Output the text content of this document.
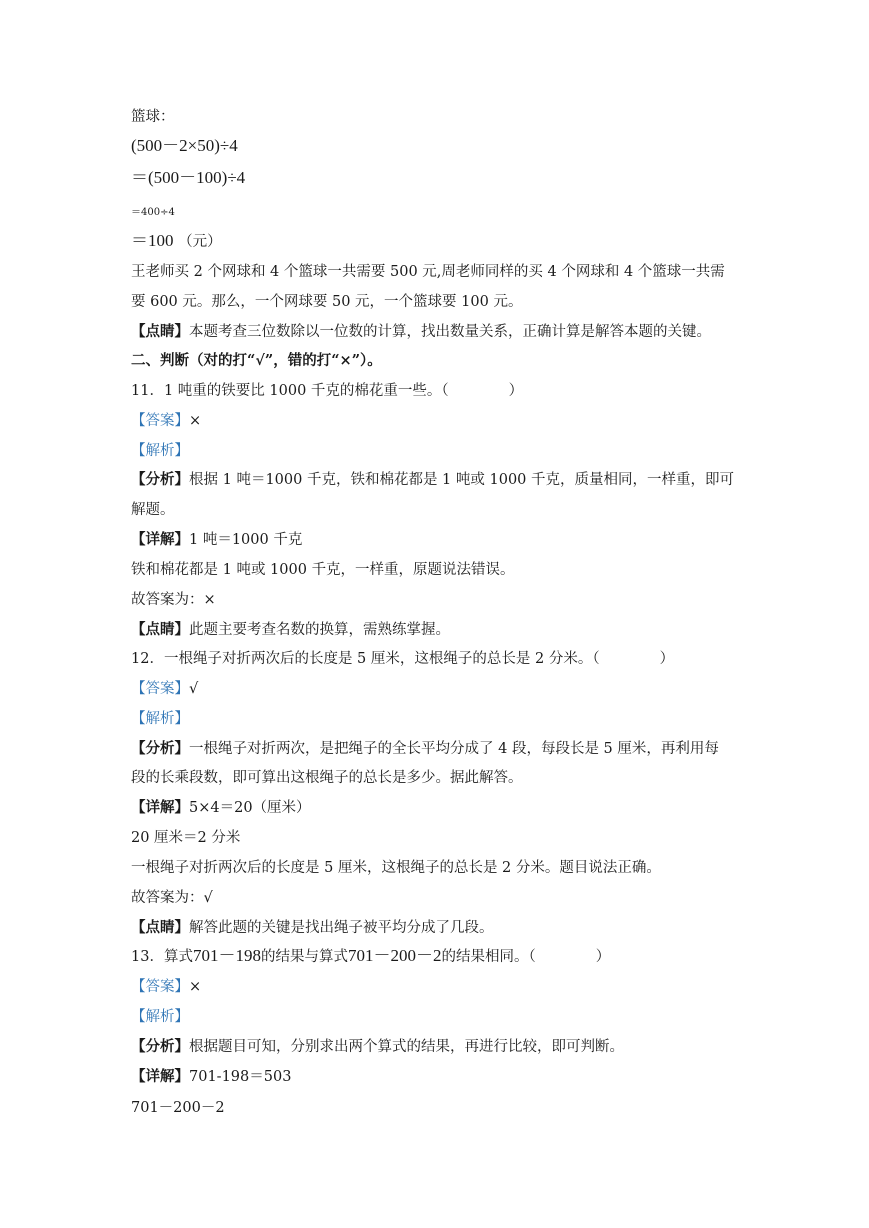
篮球：
(500－2×50)÷4
＝(500－100)÷4
＝400÷4
＝100 （元）
王老师买 2 个网球和 4 个篮球一共需要 500 元,周老师同样的买 4 个网球和 4 个篮球一共需
要 600 元。那么，一个网球要 50 元，一个篮球要 100 元。
【点睛】本题考查三位数除以一位数的计算，找出数量关系，正确计算是解答本题的关键。
二、判断（对的打“√”，错的打“×”）。
11．1 吨重的铁要比 1000 千克的棉花重一些。（	）
【答案】×
【解析】
【分析】根据 1 吨＝1000 千克，铁和棉花都是 1 吨或 1000 千克，质量相同，一样重，即可
解题。
【详解】1 吨＝1000 千克
铁和棉花都是 1 吨或 1000 千克，一样重，原题说法错误。
故答案为：×
【点睛】此题主要考查名数的换算，需熟练掌握。
12．一根绳子对折两次后的长度是 5 厘米，这根绳子的总长是 2 分米。（	）
【答案】√
【解析】
【分析】一根绳子对折两次，是把绳子的全长平均分成了 4 段，每段长是 5 厘米，再利用每
段的长乘段数，即可算出这根绳子的总长是多少。据此解答。
【详解】5×4＝20（厘米）
20 厘米＝2 分米
一根绳子对折两次后的长度是 5 厘米，这根绳子的总长是 2 分米。题目说法正确。
故答案为：√
【点睛】解答此题的关键是找出绳子被平均分成了几段。
13．算式701－198的结果与算式701－200－2的结果相同。（	）
【答案】×
【解析】
【分析】根据题目可知，分别求出两个算式的结果，再进行比较，即可判断。
【详解】701-198＝503
701－200－2
